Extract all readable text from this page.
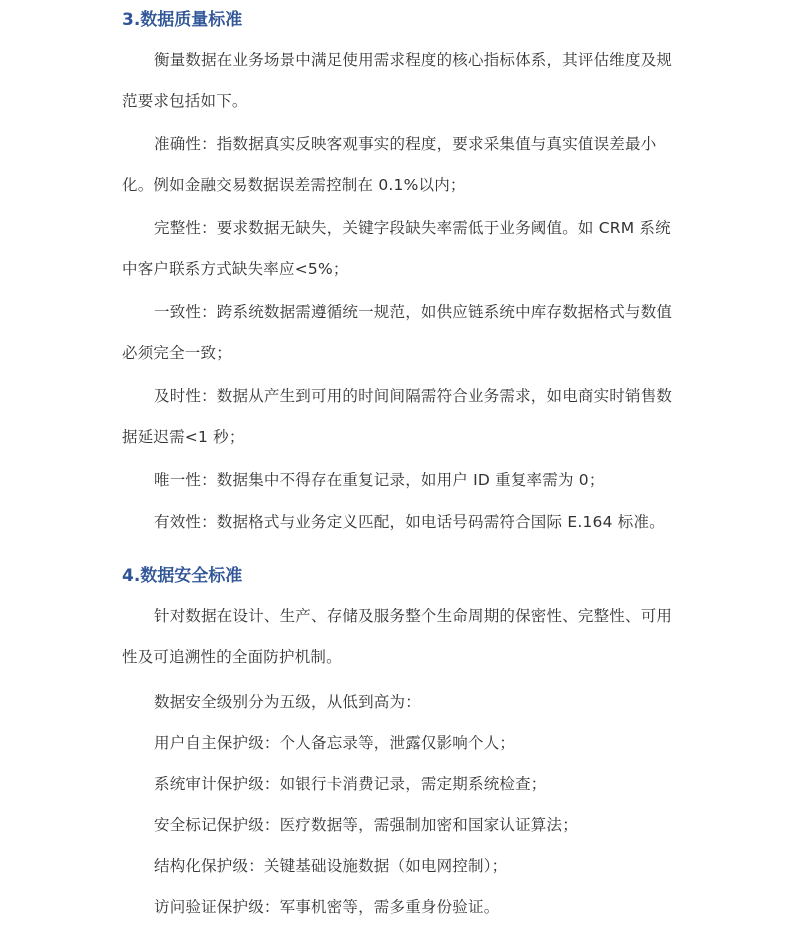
3.数据质量标准

衡量数据在业务场景中满足使用需求程度的核心指标体系，其评估维度及规范要求包括如下。

准确性：指数据真实反映客观事实的程度，要求采集值与真实值误差最小化。例如金融交易数据误差需控制在 0.1%以内；

完整性：要求数据无缺失，关键字段缺失率需低于业务阈值。如 CRM 系统中客户联系方式缺失率应<5%；

一致性：跨系统数据需遵循统一规范，如供应链系统中库存数据格式与数值必须完全一致；

及时性：数据从产生到可用的时间间隔需符合业务需求，如电商实时销售数据延迟需<1 秒；

唯一性：数据集中不得存在重复记录，如用户 ID 重复率需为 0；

有效性：数据格式与业务定义匹配，如电话号码需符合国际 E.164 标准。

4.数据安全标准

针对数据在设计、生产、存储及服务整个生命周期的保密性、完整性、可用性及可追溯性的全面防护机制。

数据安全级别分为五级，从低到高为：

用户自主保护级：个人备忘录等，泄露仅影响个人；

系统审计保护级：如银行卡消费记录，需定期系统检查；

安全标记保护级：医疗数据等，需强制加密和国家认证算法；

结构化保护级：关键基础设施数据（如电网控制）；

访问验证保护级：军事机密等，需多重身份验证。
